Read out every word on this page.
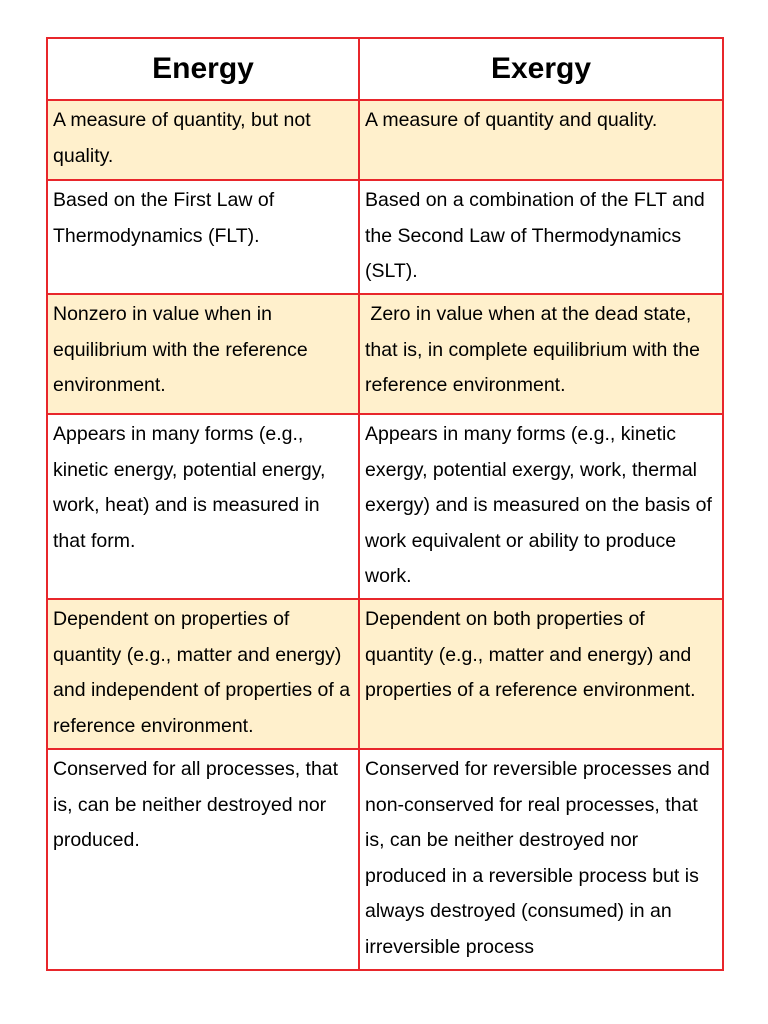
Energy	Exergy

A measure of quantity, but not quality.	A measure of quantity and quality.

Based on the First Law of Thermodynamics (FLT).	Based on a combination of the FLT and the Second Law of Thermodynamics (SLT).

Nonzero in value when in equilibrium with the reference environment.	Zero in value when at the dead state, that is, in complete equilibrium with the reference environment.

Appears in many forms (e.g., kinetic energy, potential energy, work, heat) and is measured in that form.	Appears in many forms (e.g., kinetic exergy, potential exergy, work, thermal exergy) and is measured on the basis of work equivalent or ability to produce work.

Dependent on properties of quantity (e.g., matter and energy) and independent of properties of a reference environment.	Dependent on both properties of quantity (e.g., matter and energy) and properties of a reference environment.

Conserved for all processes, that is, can be neither destroyed nor produced.	Conserved for reversible processes and non-conserved for real processes, that is, can be neither destroyed nor produced in a reversible process but is always destroyed (consumed) in an irreversible process
